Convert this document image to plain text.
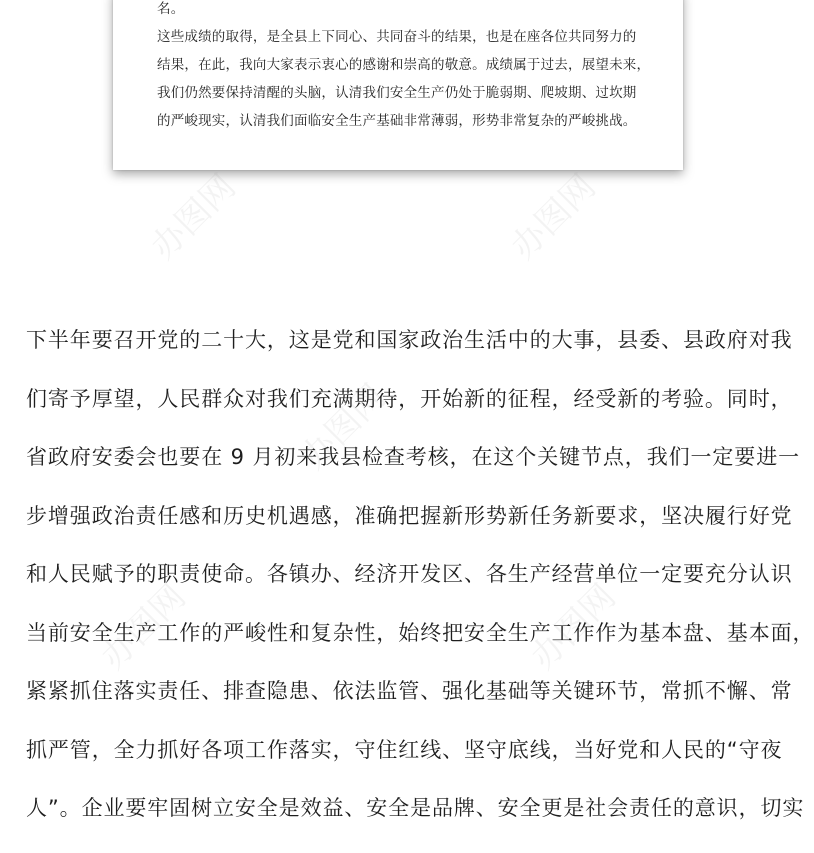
名。
这些成绩的取得，是全县上下同心、共同奋斗的结果，也是在座各位共同努力的
结果，在此，我向大家表示衷心的感谢和崇高的敬意。成绩属于过去，展望未来，
我们仍然要保持清醒的头脑，认清我们安全生产仍处于脆弱期、爬坡期、过坎期
的严峻现实，认清我们面临安全生产基础非常薄弱，形势非常复杂的严峻挑战。
下半年要召开党的二十大，这是党和国家政治生活中的大事，县委、县政府对我
们寄予厚望，人民群众对我们充满期待，开始新的征程，经受新的考验。同时，
省政府安委会也要在 9 月初来我县检查考核，在这个关键节点，我们一定要进一
步增强政治责任感和历史机遇感，准确把握新形势新任务新要求，坚决履行好党
和人民赋予的职责使命。各镇办、经济开发区、各生产经营单位一定要充分认识
当前安全生产工作的严峻性和复杂性，始终把安全生产工作作为基本盘、基本面，
紧紧抓住落实责任、排查隐患、依法监管、强化基础等关键环节，常抓不懈、常
抓严管，全力抓好各项工作落实，守住红线、坚守底线，当好党和人民的“守夜
人”。企业要牢固树立安全是效益、安全是品牌、安全更是社会责任的意识，切实
办图网	办图网
办图网
办图网	办图网
